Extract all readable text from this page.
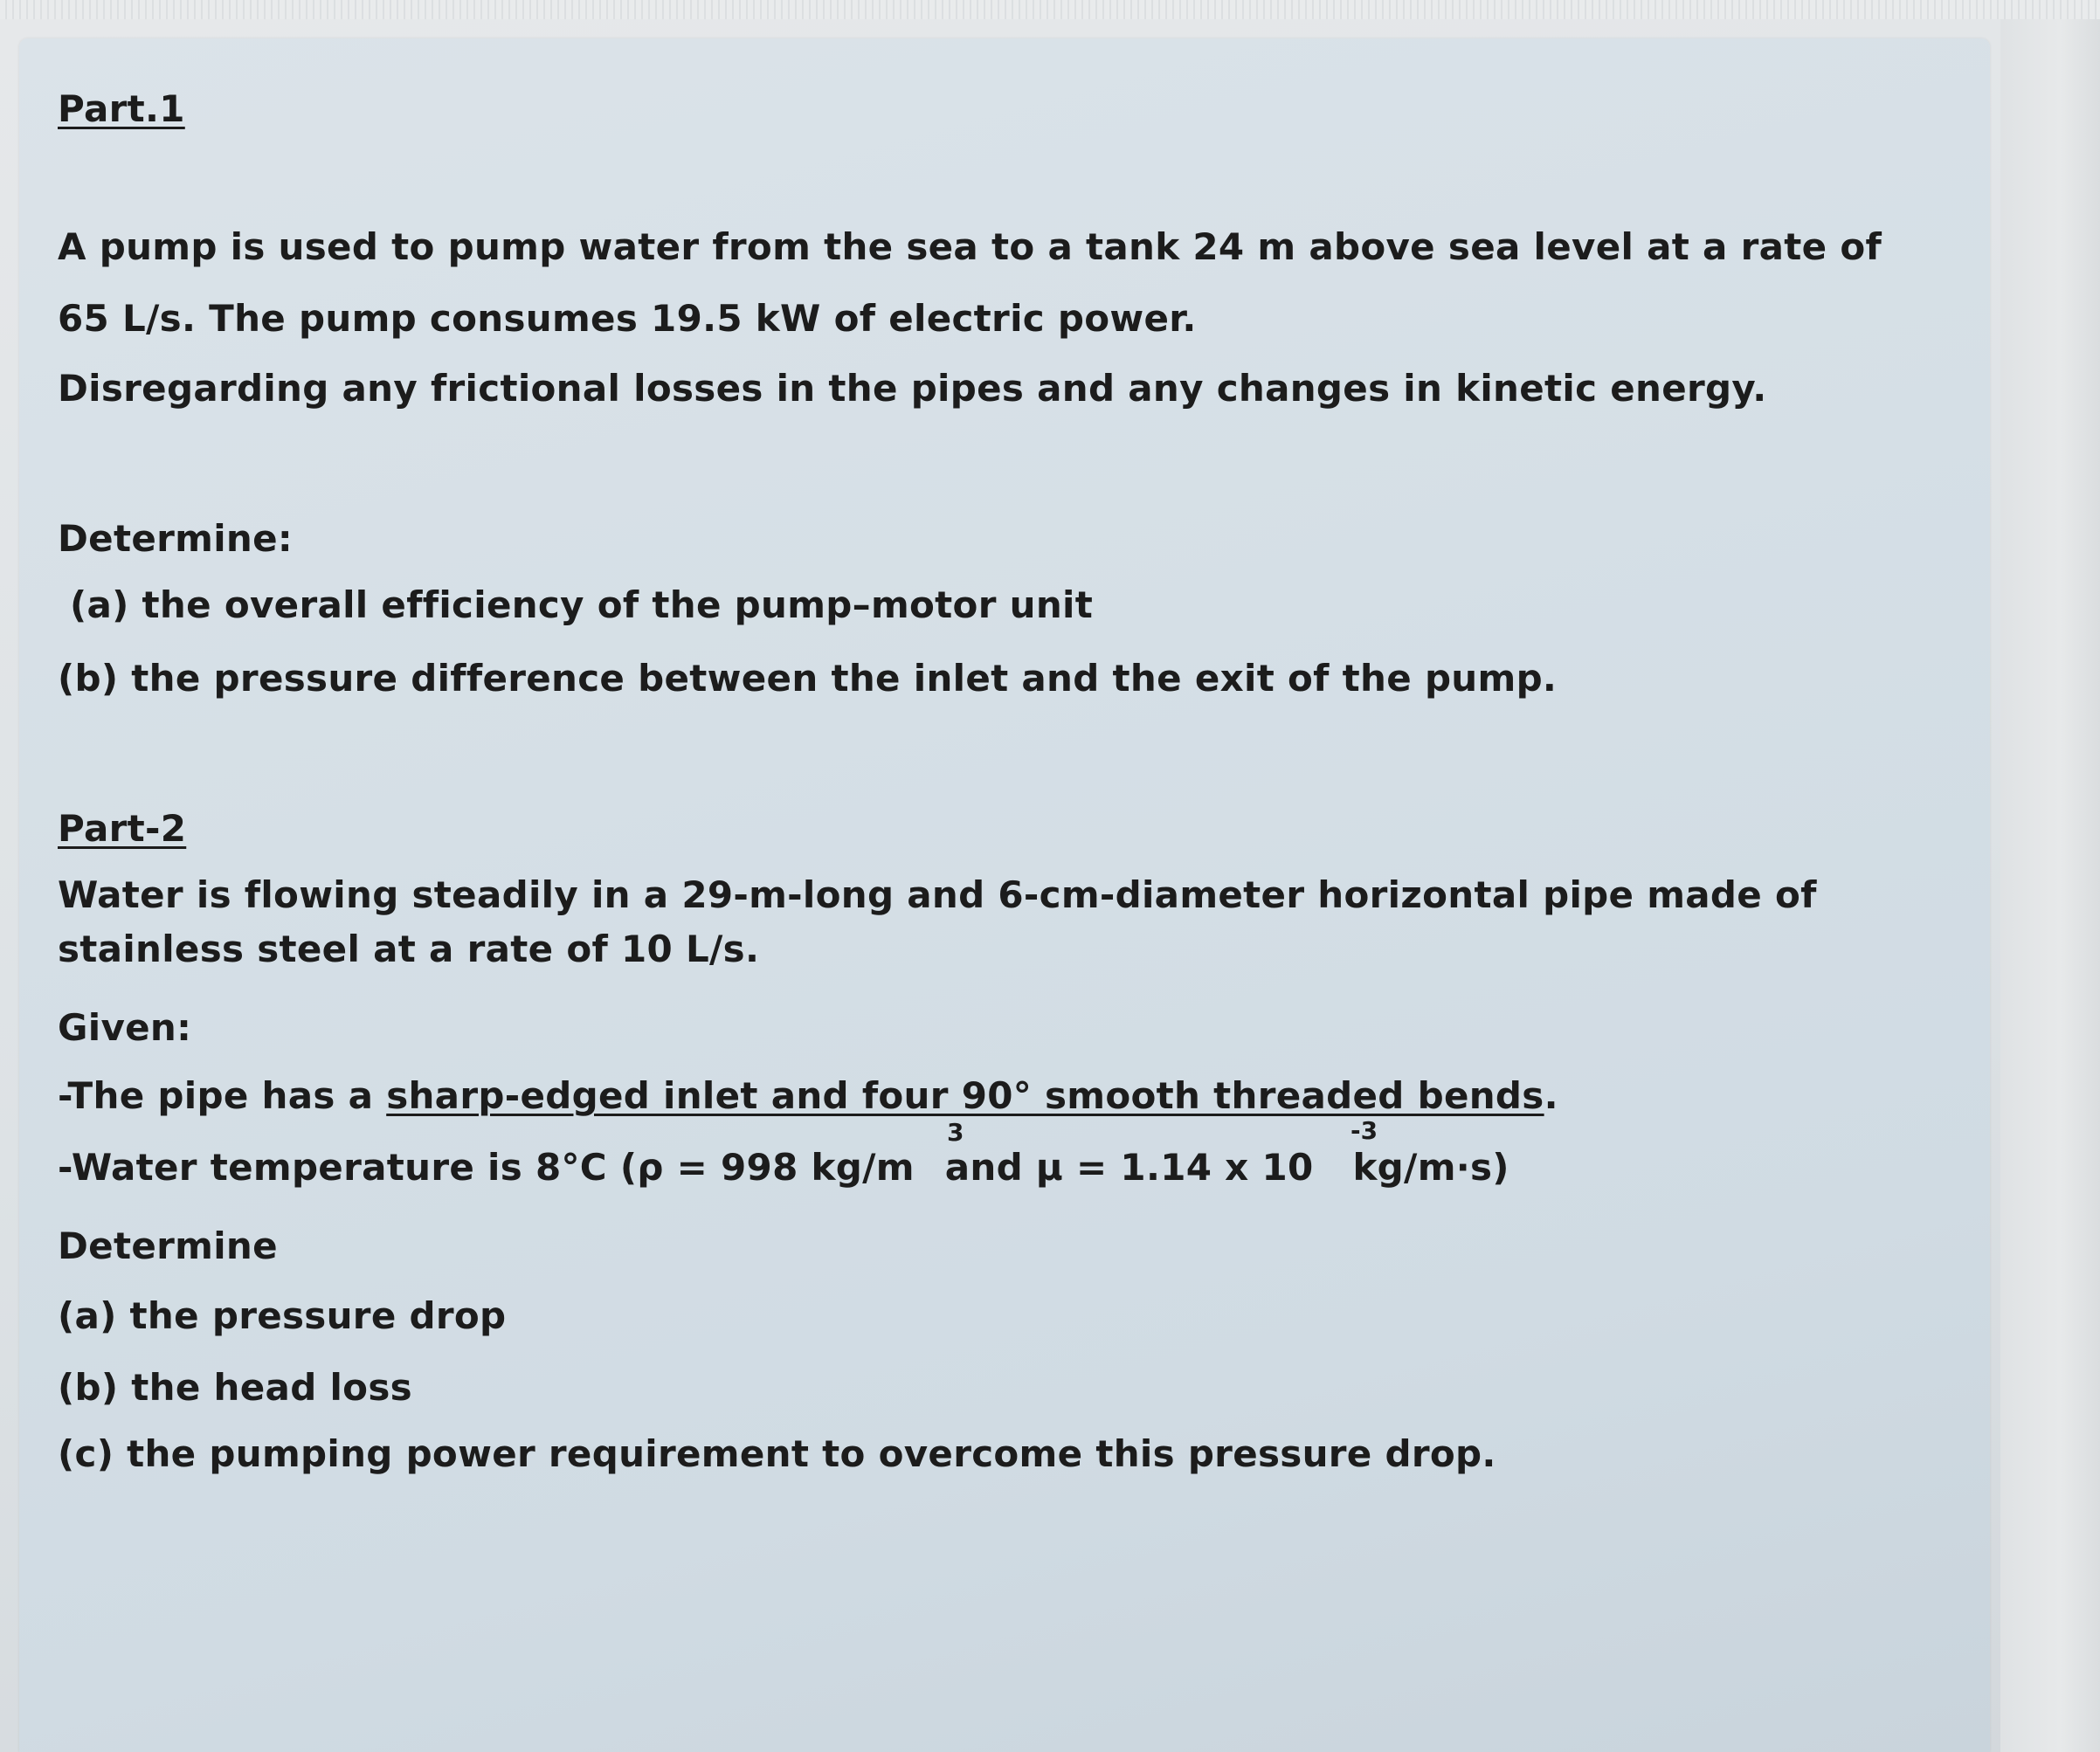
Part.1

A pump is used to pump water from the sea to a tank 24 m above sea level at a rate of

65 L/s. The pump consumes 19.5 kW of electric power.

Disregarding any frictional losses in the pipes and any changes in kinetic energy.

Determine:

(a) the overall efficiency of the pump–motor unit

(b) the pressure difference between the inlet and the exit of the pump.

Part-2

Water is flowing steadily in a 29-m-long and 6-cm-diameter horizontal pipe made of

stainless steel at a rate of 10 L/s.

Given:

-The pipe has a sharp-edged inlet and four 90° smooth threaded bends.

-Water temperature is 8°C (ρ = 998 kg/m and μ = 1.14 x 10 kg/m·s)

3	-3

Determine

(a) the pressure drop

(b) the head loss

(c) the pumping power requirement to overcome this pressure drop.
